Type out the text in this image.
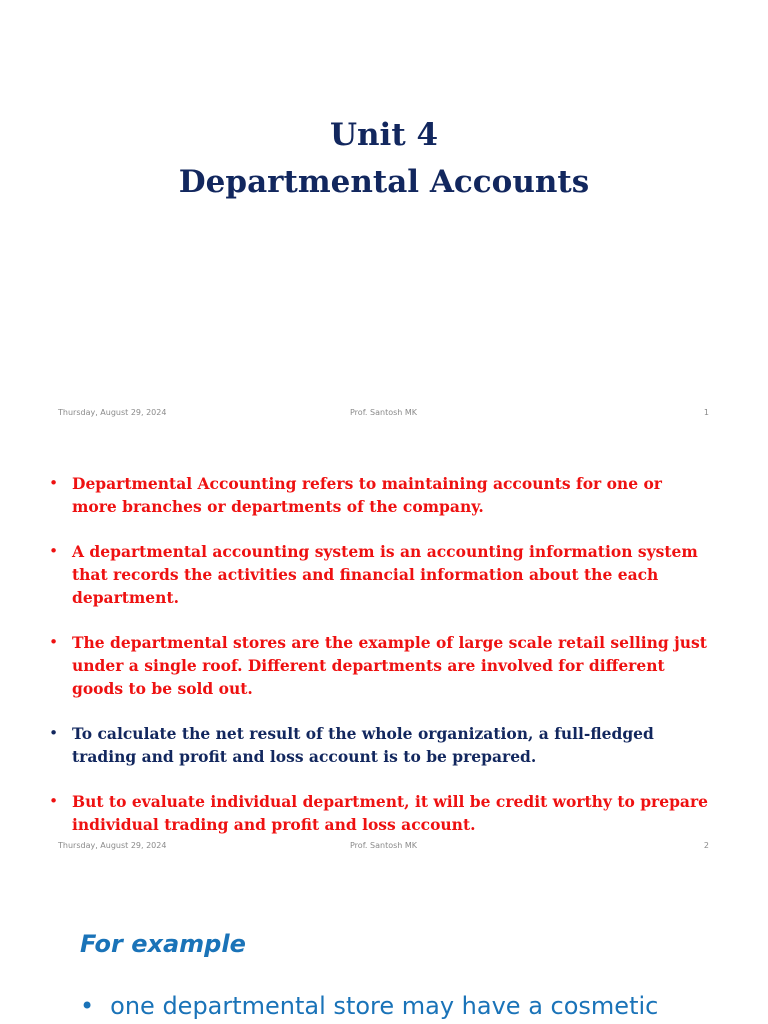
Unit 4
Departmental Accounts
Thursday, August 29, 2024	Prof. Santosh MK	1
• Departmental Accounting refers to maintaining accounts for one or more branches or departments of the company.
• A departmental accounting system is an accounting information system that records the activities and financial information about the each department.
• The departmental stores are the example of large scale retail selling just under a single roof. Different departments are involved for different goods to be sold out.
• To calculate the net result of the whole organization, a full-fledged trading and profit and loss account is to be prepared.
• But to evaluate individual department, it will be credit worthy to prepare individual trading and profit and loss account.
Thursday, August 29, 2024	Prof. Santosh MK	2
For example
• one departmental store may have a cosmetic
